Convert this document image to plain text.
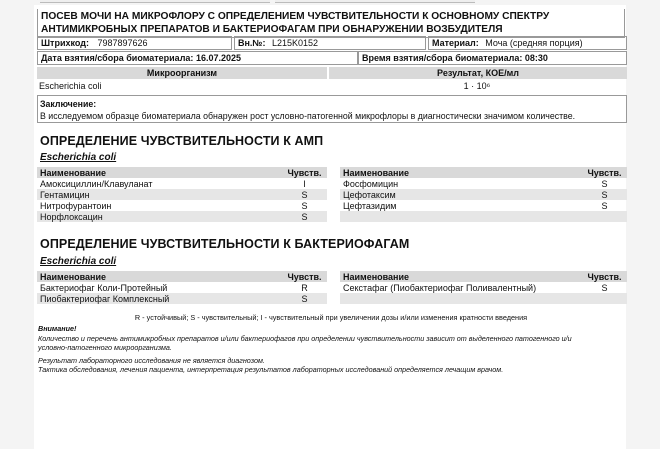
ПОСЕВ МОЧИ НА МИКРОФЛОРУ С ОПРЕДЕЛЕНИЕМ ЧУВСТВИТЕЛЬНОСТИ К ОСНОВНОМУ СПЕКТРУ АНТИМИКРОБНЫХ ПРЕПАРАТОВ И БАКТЕРИОФАГАМ ПРИ ОБНАРУЖЕНИИ ВОЗБУДИТЕЛЯ
Штрихкод: 7987897626	Вн.№: L215K0152	Материал: Моча (средняя порция)
Дата взятия/сбора биоматериала: 16.07.2025	Время взятия/сбора биоматериала: 08:30
Микроорганизм	Результат, КОЕ/мл
Escherichia coli	1 · 10⁶
Заключение:
В исследуемом образце биоматериала обнаружен рост условно-патогенной микрофлоры в диагностически значимом количестве.
ОПРЕДЕЛЕНИЕ ЧУВСТВИТЕЛЬНОСТИ К АМП
Escherichia coli
Наименование	Чувств.
Амоксициллин/Клавуланат	I
Гентамицин	S
Нитрофурантоин	S
Норфлоксацин	S
Наименование	Чувств.
Фосфомицин	S
Цефотаксим	S
Цефтазидим	S

ОПРЕДЕЛЕНИЕ ЧУВСТВИТЕЛЬНОСТИ К БАКТЕРИОФАГАМ
Escherichia coli
Наименование	Чувств.
Бактериофаг Коли-Протейный	R
Пиобактериофаг Комплексный	S
Наименование	Чувств.
Секстафаг (Пиобактериофаг Поливалентный)	S

R - устойчивый; S - чувствительный; I - чувствительный при увеличении дозы и/или изменения кратности введения
Внимание!
Количество и перечень антимикробных препаратов и/или бактериофагов при определении чувствительности зависит от выделенного патогенного и/и
условно-патогенного микроорганизма.
Результат лабораторного исследования не является диагнозом.
Тактика обследования, лечения пациента, интерпретация результатов лабораторных исследований определяется лечащим врачом.
